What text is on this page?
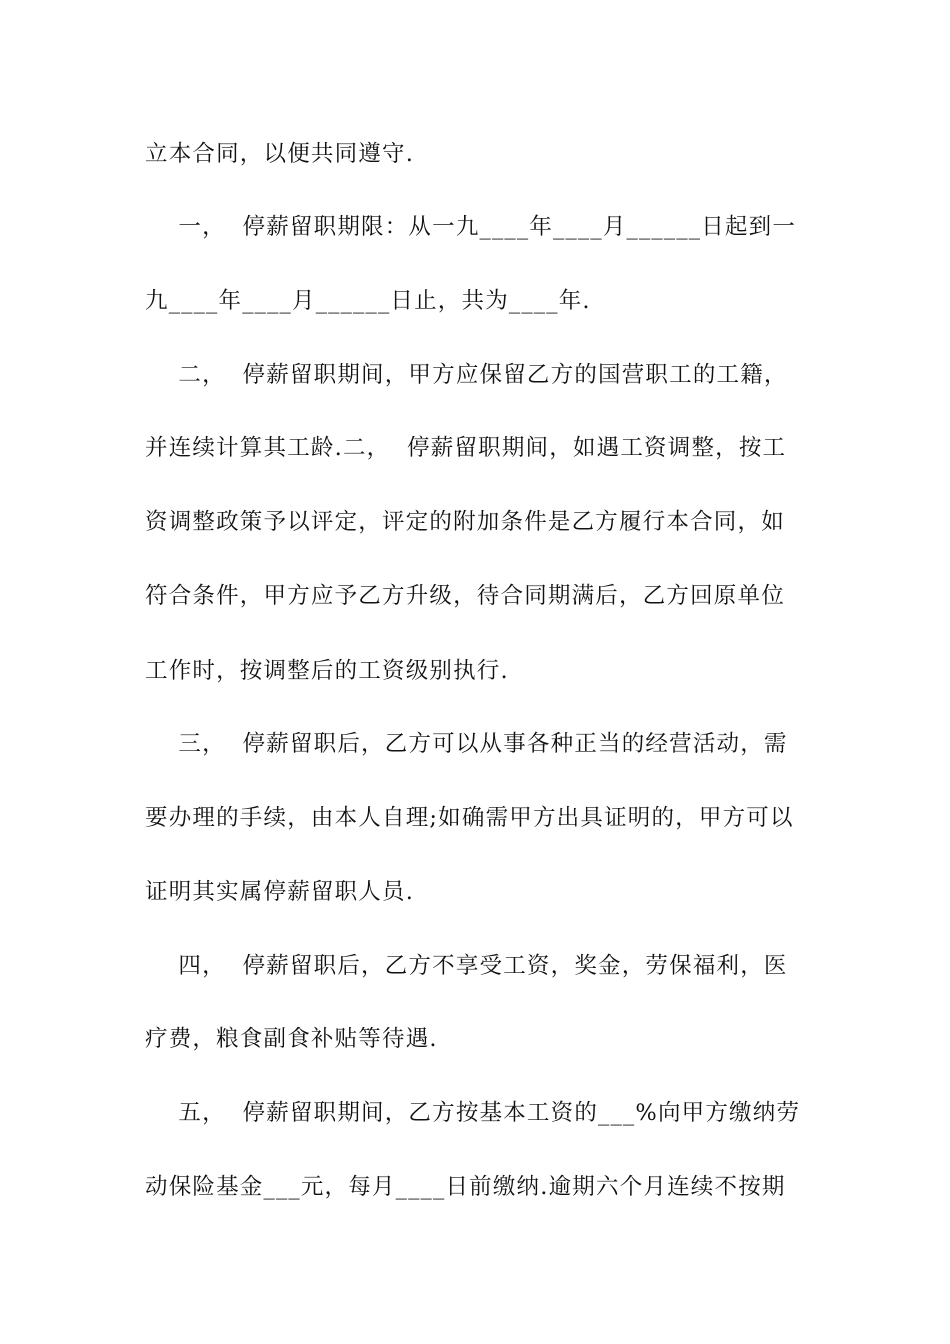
立本合同，以便共同遵守.
一，  停薪留职期限：从一九____年____月______日起到一
九____年____月______日止，共为____年.
二，  停薪留职期间，甲方应保留乙方的国营职工的工籍，
并连续计算其工龄.二，  停薪留职期间，如遇工资调整，按工
资调整政策予以评定，评定的附加条件是乙方履行本合同，如
符合条件，甲方应予乙方升级，待合同期满后，乙方回原单位
工作时，按调整后的工资级别执行.
三，  停薪留职后，乙方可以从事各种正当的经营活动，需
要办理的手续，由本人自理;如确需甲方出具证明的，甲方可以
证明其实属停薪留职人员.
四，  停薪留职后，乙方不享受工资，奖金，劳保福利，医
疗费，粮食副食补贴等待遇.
五，  停薪留职期间，乙方按基本工资的___%向甲方缴纳劳
动保险基金___元，每月____日前缴纳.逾期六个月连续不按期
